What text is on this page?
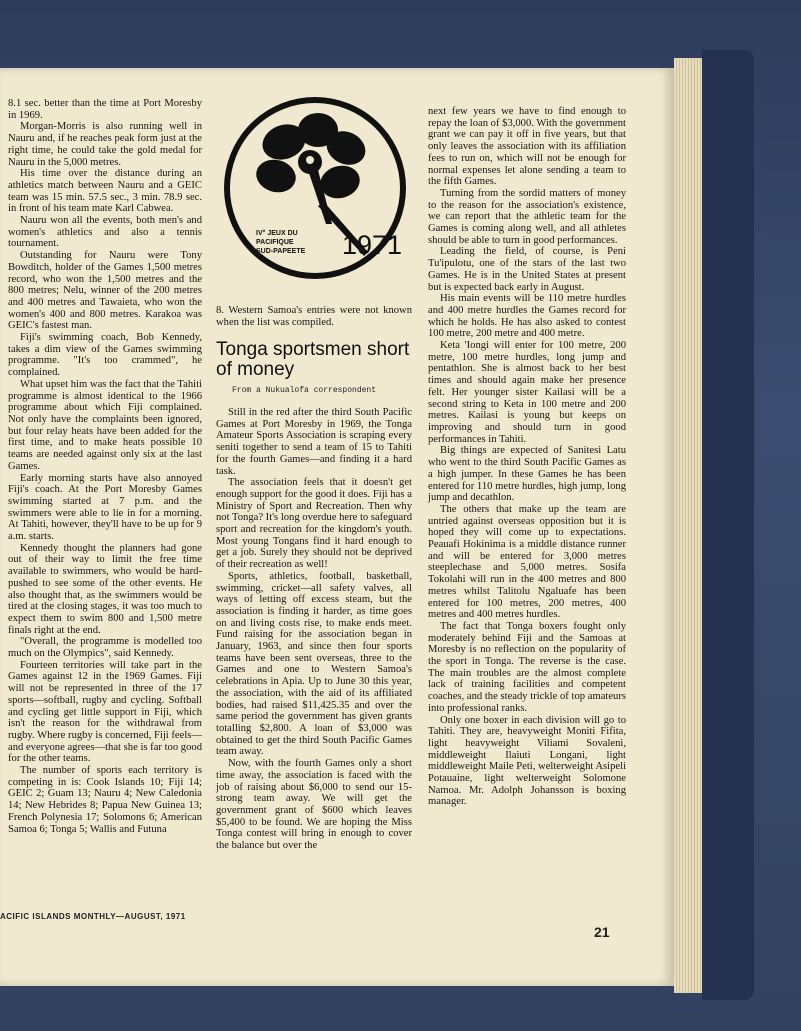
8.1 sec. better than the time at Port Moresby in 1969.

Morgan-Morris is also running well in Nauru and, if he reaches peak form just at the right time, he could take the gold medal for Nauru in the 5,000 metres.

His time over the distance during an athletics match between Nauru and a GEIC team was 15 min. 57.5 sec., 3 min. 78.9 sec. in front of his team mate Karl Cabwea.

Nauru won all the events, both men's and women's athletics and also a tennis tournament.

Outstanding for Nauru were Tony Bowditch, holder of the Games 1,500 metres record, who won the 1,500 metres and the 800 metres; Nelu, winner of the 200 metres and 400 metres and Tawaieta, who won the women's 400 and 800 metres. Karakoa was GEIC's fastest man.

Fiji's swimming coach, Bob Kennedy, takes a dim view of the Games swimming programme. "It's too crammed", he complained.

What upset him was the fact that the Tahiti programme is almost identical to the 1966 programme about which Fiji complained. Not only have the complaints been ignored, but four relay heats have been added for the first time, and to make heats possible 10 teams are needed against only six at the last Games.

Early morning starts have also annoyed Fiji's coach. At the Port Moresby Games swimming started at 7 p.m. and the swimmers were able to lie in for a morning. At Tahiti, however, they'll have to be up for 9 a.m. starts.

Kennedy thought the planners had gone out of their way to limit the free time available to swimmers, who would be hard-pushed to see some of the other events. He also thought that, as the swimmers would be tired at the closing stages, it was too much to expect them to swim 800 and 1,500 metre finals right at the end.

"Overall, the programme is modelled too much on the Olympics", said Kennedy.

Fourteen territories will take part in the Games against 12 in the 1969 Games. Fiji will not be represented in three of the 17 sports—softball, rugby and cycling. Softball and cycling get little support in Fiji, which isn't the reason for the withdrawal from rugby. Where rugby is concerned, Fiji feels—and everyone agrees—that she is far too good for the other teams.

The number of sports each territory is competing in is: Cook Islands 10; Fiji 14; GEIC 2; Guam 13; Nauru 4; New Caledonia 14; New Hebrides 8; Papua New Guinea 13; French Polynesia 17; Solomons 6; American Samoa 6; Tonga 5; Wallis and Futuna

IV° JEUX DU
PACIFIQUE
SUD-PAPEETE 1971

8. Western Samoa's entries were not known when the list was compiled.

Tonga sportsmen short of money
From a Nukualofa correspondent

Still in the red after the third South Pacific Games at Port Moresby in 1969, the Tonga Amateur Sports Association is scraping every seniti together to send a team of 15 to Tahiti for the fourth Games—and finding it a hard task.

The association feels that it doesn't get enough support for the good it does. Fiji has a Ministry of Sport and Recreation. Then why not Tonga? It's long overdue here to safeguard sport and recreation for the kingdom's youth. Most young Tongans find it hard enough to get a job. Surely they should not be deprived of their recreation as well!

Sports, athletics, football, basketball, swimming, cricket—all safety valves, all ways of letting off excess steam, but the association is finding it harder, as time goes on and living costs rise, to make ends meet. Fund raising for the association began in January, 1963, and since then four sports teams have been sent overseas, three to the Games and one to Western Samoa's celebrations in Apia. Up to June 30 this year, the association, with the aid of its affiliated bodies, had raised $11,425.35 and over the same period the government has given grants totalling $2,800. A loan of $3,000 was obtained to get the third South Pacific Games team away.

Now, with the fourth Games only a short time away, the association is faced with the job of raising about $6,000 to send our 15-strong team away. We will get the government grant of $600 which leaves $5,400 to be found. We are hoping the Miss Tonga contest will bring in enough to cover the balance but over the

next few years we have to find enough to repay the loan of $3,000. With the government grant we can pay it off in five years, but that only leaves the association with its affiliation fees to run on, which will not be enough for normal expenses let alone sending a team to the fifth Games.

Turning from the sordid matters of money to the reason for the association's existence, we can report that the athletic team for the Games is coming along well, and all athletes should be able to turn in good performances.

Leading the field, of course, is Peni Tu'ipulotu, one of the stars of the last two Games. He is in the United States at present but is expected back early in August.

His main events will be 110 metre hurdles and 400 metre hurdles the Games record for which he holds. He has also asked to contest 100 metre, 200 metre and 400 metre.

Keta 'Iongi will enter for 100 metre, 200 metre, 100 metre hurdles, long jump and pentathlon. She is almost back to her best times and should again make her presence felt. Her younger sister Kailasi will be a second string to Keta in 100 metre and 200 metres. Kailasi is young but keeps on improving and should turn in good performances in Tahiti.

Big things are expected of Sanitesi Latu who went to the third South Pacific Games as a high jumper. In these Games he has been entered for 110 metre hurdles, high jump, long jump and decathlon.

The others that make up the team are untried against overseas opposition but it is hoped they will come up to expectations. Peauafi Hokinima is a middle distance runner and will be entered for 3,000 metres steeplechase and 5,000 metres. Sosifa Tokolahi will run in the 400 metres and 800 metres whilst Talitolu Ngaluafe has been entered for 100 metres, 200 metres, 400 metres and 400 metres hurdles.

The fact that Tonga boxers fought only moderately behind Fiji and the Samoas at Moresby is no reflection on the popularity of the sport in Tonga. The reverse is the case. The main troubles are the almost complete lack of training facilities and competent coaches, and the steady trickle of top amateurs into professional ranks.

Only one boxer in each division will go to Tahiti. They are, heavyweight Moniti Fifita, light heavyweight Viliami Sovaleni, middleweight Ilaiuti Longani, light middleweight Maile Peti, welterweight Asipeli Potauaine, light welterweight Solomone Namoa. Mr. Adolph Johansson is boxing manager.

ACIFIC ISLANDS MONTHLY—AUGUST, 1971
21
